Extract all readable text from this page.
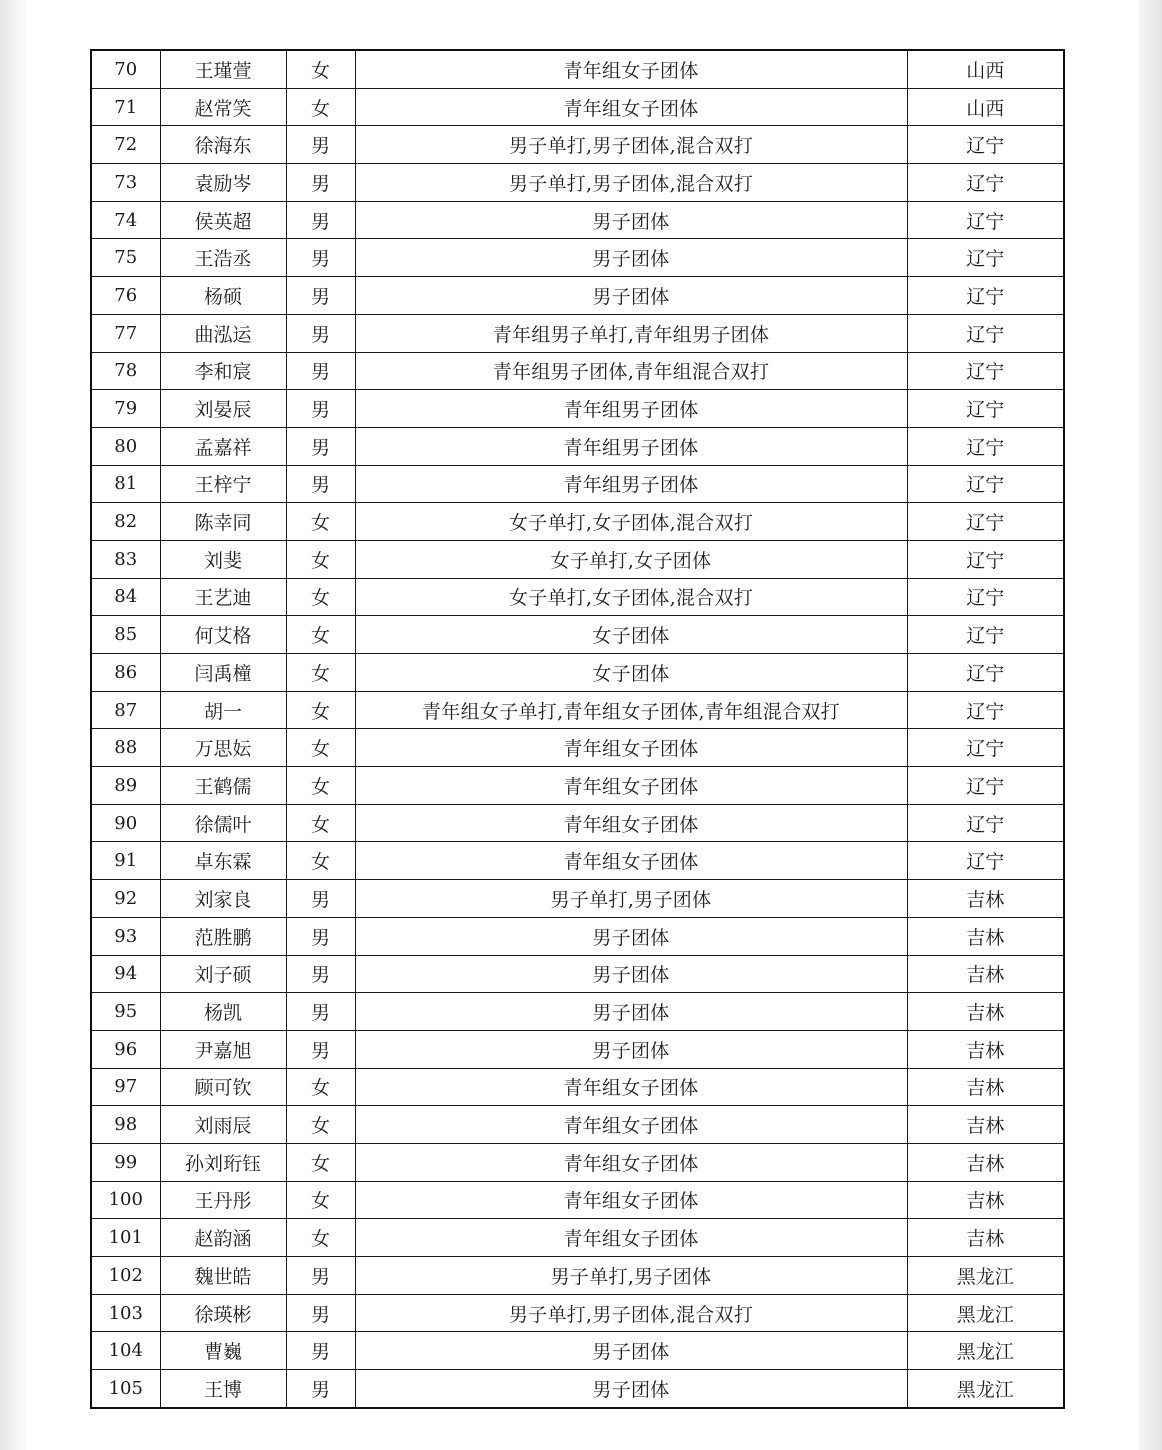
70	王瑾萱	女	青年组女子团体	山西
71	赵常笑	女	青年组女子团体	山西
72	徐海东	男	男子单打,男子团体,混合双打	辽宁
73	袁励岑	男	男子单打,男子团体,混合双打	辽宁
74	侯英超	男	男子团体	辽宁
75	王浩丞	男	男子团体	辽宁
76	杨硕	男	男子团体	辽宁
77	曲泓运	男	青年组男子单打,青年组男子团体	辽宁
78	李和宸	男	青年组男子团体,青年组混合双打	辽宁
79	刘晏辰	男	青年组男子团体	辽宁
80	孟嘉祥	男	青年组男子团体	辽宁
81	王梓宁	男	青年组男子团体	辽宁
82	陈幸同	女	女子单打,女子团体,混合双打	辽宁
83	刘斐	女	女子单打,女子团体	辽宁
84	王艺迪	女	女子单打,女子团体,混合双打	辽宁
85	何艾格	女	女子团体	辽宁
86	闫禹橦	女	女子团体	辽宁
87	胡一	女	青年组女子单打,青年组女子团体,青年组混合双打	辽宁
88	万思妘	女	青年组女子团体	辽宁
89	王鹤儒	女	青年组女子团体	辽宁
90	徐儒叶	女	青年组女子团体	辽宁
91	卓东霖	女	青年组女子团体	辽宁
92	刘家良	男	男子单打,男子团体	吉林
93	范胜鹏	男	男子团体	吉林
94	刘子硕	男	男子团体	吉林
95	杨凯	男	男子团体	吉林
96	尹嘉旭	男	男子团体	吉林
97	顾可钦	女	青年组女子团体	吉林
98	刘雨辰	女	青年组女子团体	吉林
99	孙刘珩钰	女	青年组女子团体	吉林
100	王丹彤	女	青年组女子团体	吉林
101	赵韵涵	女	青年组女子团体	吉林
102	魏世皓	男	男子单打,男子团体	黑龙江
103	徐瑛彬	男	男子单打,男子团体,混合双打	黑龙江
104	曹巍	男	男子团体	黑龙江
105	王博	男	男子团体	黑龙江
